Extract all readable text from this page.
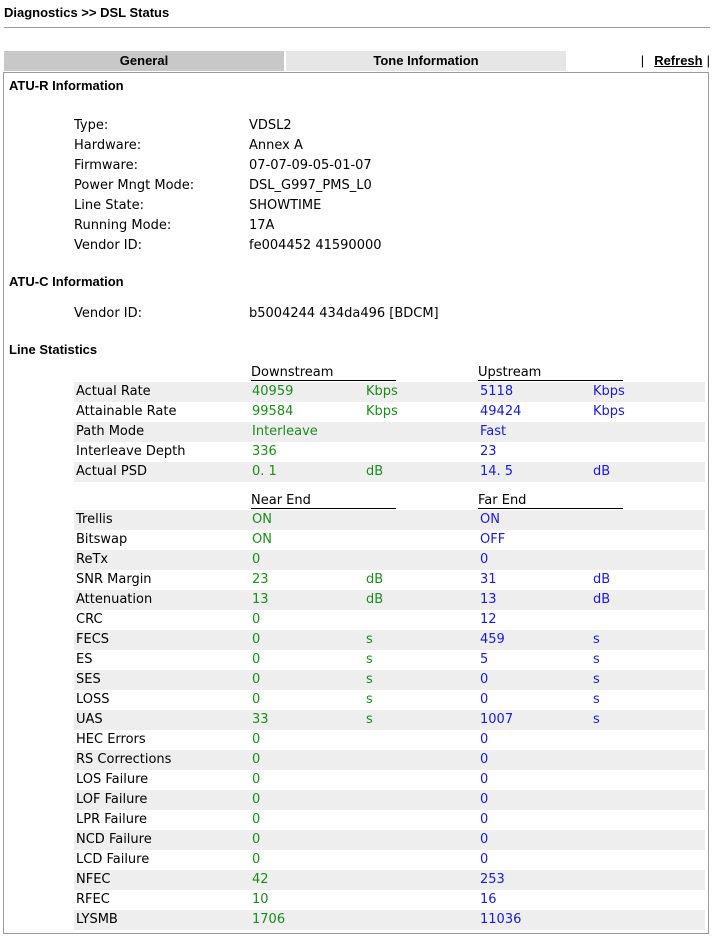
Diagnostics >> DSL Status
General	Tone Information	| Refresh |
ATU-R Information
Type:	VDSL2
Hardware:	Annex A
Firmware:	07-07-09-05-01-07
Power Mngt Mode:	DSL_G997_PMS_L0
Line State:	SHOWTIME
Running Mode:	17A
Vendor ID:	fe004452 41590000
ATU-C Information
Vendor ID:	b5004244 434da496 [BDCM]
Line Statistics
Downstream	Upstream
Actual Rate	40959	Kbps	5118	Kbps
Attainable Rate	99584	Kbps	49424	Kbps
Path Mode	Interleave	Fast
Interleave Depth	336	23
Actual PSD	0. 1	dB	14. 5	dB
Near End	Far End
Trellis	ON	ON
Bitswap	ON	OFF
ReTx	0	0
SNR Margin	23	dB	31	dB
Attenuation	13	dB	13	dB
CRC	0	12
FECS	0	s	459	s
ES	0	s	5	s
SES	0	s	0	s
LOSS	0	s	0	s
UAS	33	s	1007	s
HEC Errors	0	0
RS Corrections	0	0
LOS Failure	0	0
LOF Failure	0	0
LPR Failure	0	0
NCD Failure	0	0
LCD Failure	0	0
NFEC	42	253
RFEC	10	16
LYSMB	1706	11036
